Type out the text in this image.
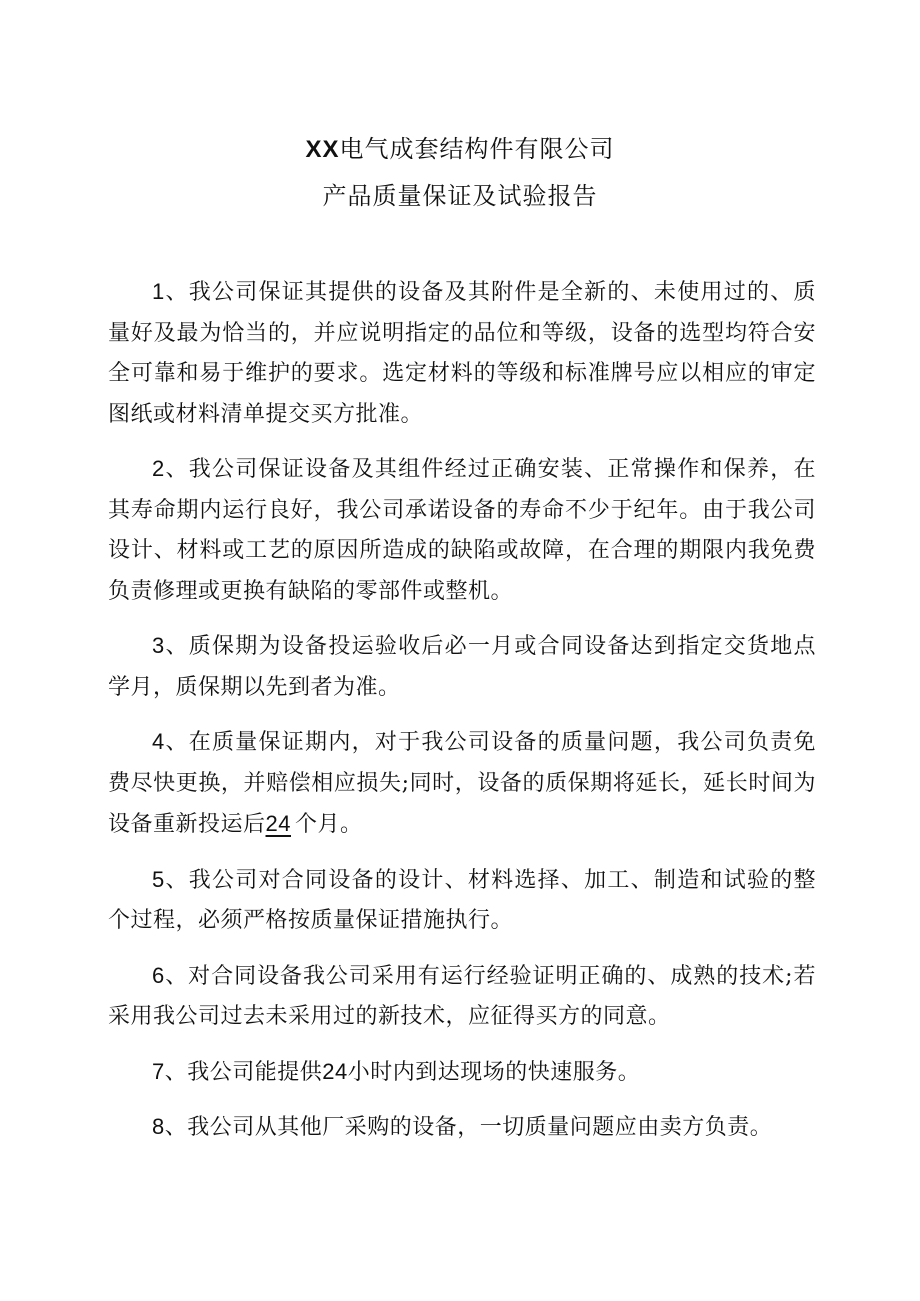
XX电气成套结构件有限公司

产品质量保证及试验报告

1、我公司保证其提供的设备及其附件是全新的、未使用过的、质量好及最为恰当的，并应说明指定的品位和等级，设备的选型均符合安全可靠和易于维护的要求。选定材料的等级和标准牌号应以相应的审定图纸或材料清单提交买方批准。

2、我公司保证设备及其组件经过正确安装、正常操作和保养，在其寿命期内运行良好，我公司承诺设备的寿命不少于纪年。由于我公司设计、材料或工艺的原因所造成的缺陷或故障，在合理的期限内我免费负责修理或更换有缺陷的零部件或整机。

3、质保期为设备投运验收后必一月或合同设备达到指定交货地点学月，质保期以先到者为准。

4、在质量保证期内，对于我公司设备的质量问题，我公司负责免费尽快更换，并赔偿相应损失;同时，设备的质保期将延长，延长时间为设备重新投运后24 个月。

5、我公司对合同设备的设计、材料选择、加工、制造和试验的整个过程，必须严格按质量保证措施执行。

6、对合同设备我公司采用有运行经验证明正确的、成熟的技术;若采用我公司过去未采用过的新技术，应征得买方的同意。

7、我公司能提供24小时内到达现场的快速服务。

8、我公司从其他厂采购的设备，一切质量问题应由卖方负责。
